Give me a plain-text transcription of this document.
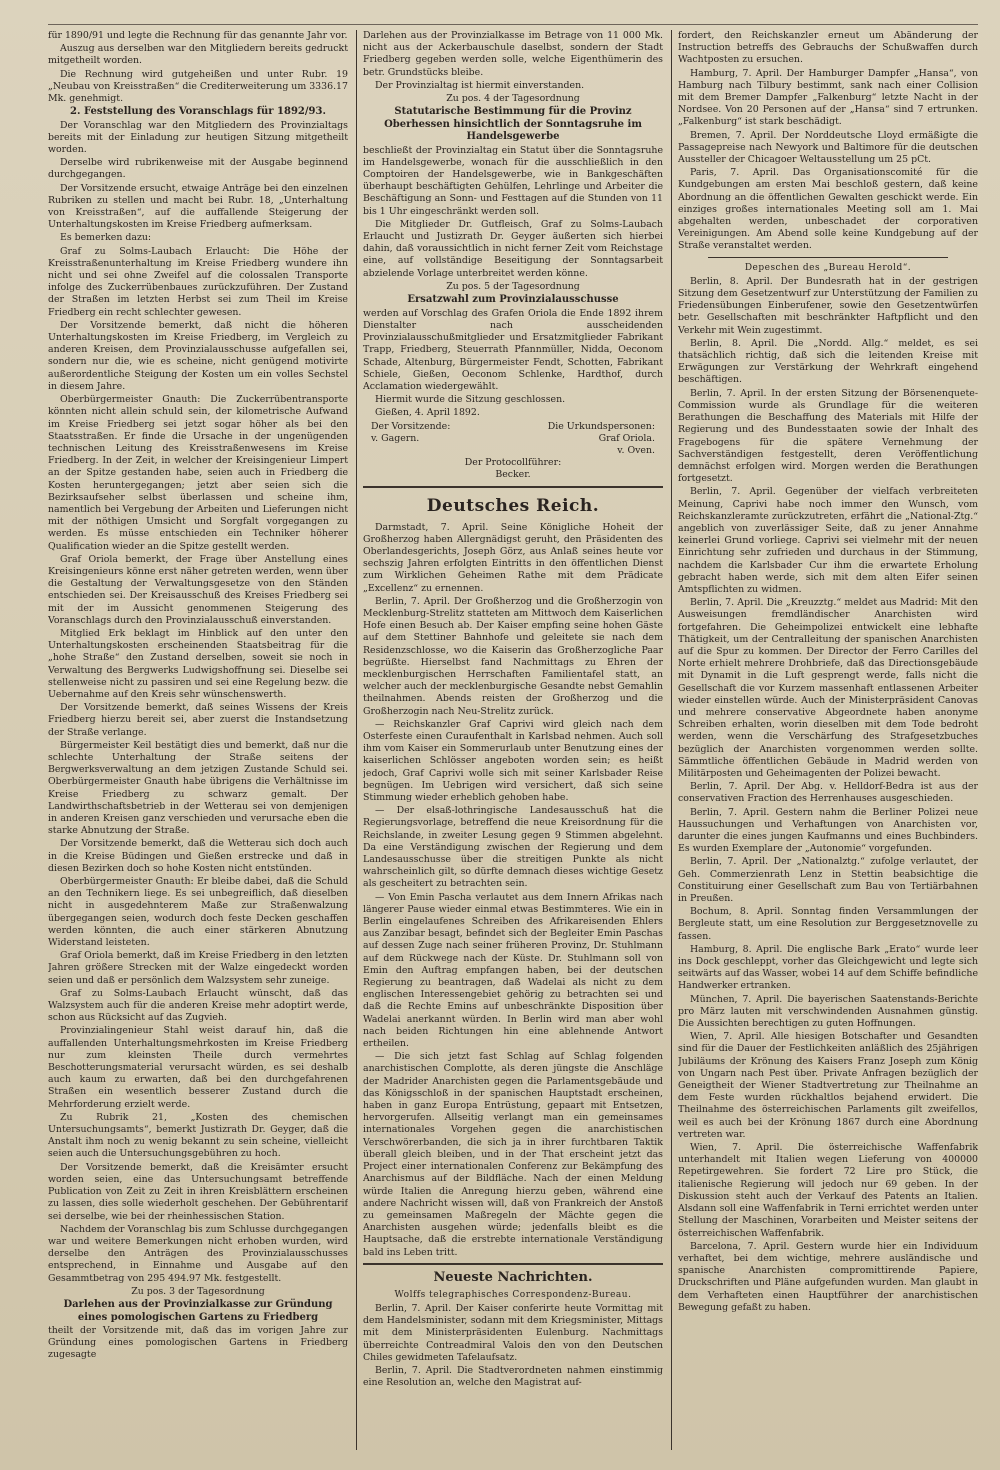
für 1890/91 und legte die Rechnung für das genannte Jahr vor.

Auszug aus derselben war den Mitgliedern bereits gedruckt mitgetheilt worden.

Die Rechnung wird gutgeheißen und unter Rubr. 19 „Neubau von Kreisstraßen“ die Crediterweiterung um 3336.17 Mk. genehmigt.

2. Feststellung des Voranschlags für 1892/93.

Der Voranschlag war den Mitgliedern des Provinzialtags bereits mit der Einladung zur heutigen Sitzung mitgetheilt worden.

Derselbe wird rubrikenweise mit der Ausgabe beginnend durchgegangen.

Der Vorsitzende ersucht, etwaige Anträge bei den einzelnen Rubriken zu stellen und macht bei Rubr. 18, „Unterhaltung von Kreisstraßen“, auf die auffallende Steigerung der Unterhaltungskosten im Kreise Friedberg aufmerksam.

Es bemerken dazu:

Graf zu Solms-Laubach Erlaucht: Die Höhe der Kreisstraßenunterhaltung im Kreise Friedberg wundere ihn nicht und sei ohne Zweifel auf die colossalen Transporte infolge des Zuckerrübenbaues zurückzuführen. Der Zustand der Straßen im letzten Herbst sei zum Theil im Kreise Friedberg ein recht schlechter gewesen.

Der Vorsitzende bemerkt, daß nicht die höheren Unterhaltungskosten im Kreise Friedberg, im Vergleich zu anderen Kreisen, dem Provinzialausschusse aufgefallen sei, sondern nur die, wie es scheine, nicht genügend motivirte außerordentliche Steigung der Kosten um ein volles Sechstel in diesem Jahre.

Oberbürgermeister Gnauth: Die Zuckerrübentransporte könnten nicht allein schuld sein, der kilometrische Aufwand im Kreise Friedberg sei jetzt sogar höher als bei den Staatsstraßen. Er finde die Ursache in der ungenügenden technischen Leitung des Kreisstraßenwesens im Kreise Friedberg. In der Zeit, in welcher der Kreisingenieur Limpert an der Spitze gestanden habe, seien auch in Friedberg die Kosten heruntergegangen; jetzt aber seien sich die Bezirksaufseher selbst überlassen und scheine ihm, namentlich bei Vergebung der Arbeiten und Lieferungen nicht mit der nöthigen Umsicht und Sorgfalt vorgegangen zu werden. Es müsse entschieden ein Techniker höherer Qualification wieder an die Spitze gestellt werden.

Graf Oriola bemerkt, der Frage über Anstellung eines Kreisingenieurs könne erst näher getreten werden, wenn über die Gestaltung der Verwaltungsgesetze von den Ständen entschieden sei. Der Kreisausschuß des Kreises Friedberg sei mit der im Aussicht genommenen Steigerung des Voranschlags durch den Provinzialausschuß einverstanden.

Mitglied Erk beklagt im Hinblick auf den unter den Unterhaltungskosten erscheinenden Staatsbeitrag für die „hohe Straße“ den Zustand derselben, soweit sie noch in Verwaltung des Bergwerks Ludwigshoffnung sei. Dieselbe sei stellenweise nicht zu passiren und sei eine Regelung bezw. die Uebernahme auf den Kreis sehr wünschenswerth.

Der Vorsitzende bemerkt, daß seines Wissens der Kreis Friedberg hierzu bereit sei, aber zuerst die Instandsetzung der Straße verlange.

Bürgermeister Keil bestätigt dies und bemerkt, daß nur die schlechte Unterhaltung der Straße seitens der Bergwerksverwaltung an dem jetzigen Zustande Schuld sei. Oberbürgermeister Gnauth habe übrigens die Verhältnisse im Kreise Friedberg zu schwarz gemalt. Der Landwirthschaftsbetrieb in der Wetterau sei von demjenigen in anderen Kreisen ganz verschieden und verursache eben die starke Abnutzung der Straße.

Der Vorsitzende bemerkt, daß die Wetterau sich doch auch in die Kreise Büdingen und Gießen erstrecke und daß in diesen Bezirken doch so hohe Kosten nicht entstünden.

Oberbürgermeister Gnauth: Er bleibe dabei, daß die Schuld an den Technikern liege. Es sei unbegreiflich, daß dieselben nicht in ausgedehnterem Maße zur Straßenwalzung übergegangen seien, wodurch doch feste Decken geschaffen werden könnten, die auch einer stärkeren Abnutzung Widerstand leisteten.

Graf Oriola bemerkt, daß im Kreise Friedberg in den letzten Jahren größere Strecken mit der Walze eingedeckt worden seien und daß er persönlich dem Walzsystem sehr zuneige.

Graf zu Solms-Laubach Erlaucht wünscht, daß das Walzsystem auch für die anderen Kreise mehr adoptirt werde, schon aus Rücksicht auf das Zugvieh.

Provinzialingenieur Stahl weist darauf hin, daß die auffallenden Unterhaltungsmehrkosten im Kreise Friedberg nur zum kleinsten Theile durch vermehrtes Beschotterungsmaterial verursacht würden, es sei deshalb auch kaum zu erwarten, daß bei den durchgefahrenen Straßen ein wesentlich besserer Zustand durch die Mehrforderung erzielt werde.

Zu Rubrik 21, „Kosten des chemischen Untersuchungsamts“, bemerkt Justizrath Dr. Geyger, daß die Anstalt ihm noch zu wenig bekannt zu sein scheine, vielleicht seien auch die Untersuchungsgebühren zu hoch.

Der Vorsitzende bemerkt, daß die Kreisämter ersucht worden seien, eine das Untersuchungsamt betreffende Publication von Zeit zu Zeit in ihren Kreisblättern erscheinen zu lassen, dies solle wiederholt geschehen. Der Gebührentarif sei derselbe, wie bei der rheinhessischen Station.

Nachdem der Voranschlag bis zum Schlusse durchgegangen war und weitere Bemerkungen nicht erhoben wurden, wird derselbe den Anträgen des Provinzialausschusses entsprechend, in Einnahme und Ausgabe auf den Gesammtbetrag von 295 494.97 Mk. festgestellt.

Zu pos. 3 der Tagesordnung
Darlehen aus der Provinzialkasse zur Gründung eines pomologischen Gartens zu Friedberg

theilt der Vorsitzende mit, daß das im vorigen Jahre zur Gründung eines pomologischen Gartens in Friedberg zugesagte

Darlehen aus der Provinzialkasse im Betrage von 11 000 Mk. nicht aus der Ackerbauschule daselbst, sondern der Stadt Friedberg gegeben werden solle, welche Eigenthümerin des betr. Grundstücks bleibe.

Der Provinzialtag ist hiermit einverstanden.

Zu pos. 4 der Tagesordnung
Statutarische Bestimmung für die Provinz Oberhessen hinsichtlich der Sonntagsruhe im Handelsgewerbe

beschließt der Provinzialtag ein Statut über die Sonntagsruhe im Handelsgewerbe, wonach für die ausschließlich in den Comptoiren der Handelsgewerbe, wie in Bankgeschäften überhaupt beschäftigten Gehülfen, Lehrlinge und Arbeiter die Beschäftigung an Sonn- und Festtagen auf die Stunden von 11 bis 1 Uhr eingeschränkt werden soll.

Die Mitglieder Dr. Gutfleisch, Graf zu Solms-Laubach Erlaucht und Justizrath Dr. Geyger äußerten sich hierbei dahin, daß voraussichtlich in nicht ferner Zeit vom Reichstage eine, auf vollständige Beseitigung der Sonntagsarbeit abzielende Vorlage unterbreitet werden könne.

Zu pos. 5 der Tagesordnung
Ersatzwahl zum Provinzialausschusse

werden auf Vorschlag des Grafen Oriola die Ende 1892 ihrem Dienstalter nach ausscheidenden Provinzialausschußmitglieder und Ersatzmitglieder Fabrikant Trapp, Friedberg, Steuerrath Pfannmüller, Nidda, Oeconom Schade, Altenburg, Bürgermeister Fendt, Schotten, Fabrikant Schiele, Gießen, Oeconom Schlenke, Hardthof, durch Acclamation wiedergewählt.

Hiermit wurde die Sitzung geschlossen.

Gießen, 4. April 1892.

Der Vorsitzende:	Die Urkundspersonen:
v. Gagern.	Graf Oriola.
v. Oven.
Der Protocollführer:
Becker.
Deutsches Reich.

Darmstadt, 7. April. Seine Königliche Hoheit der Großherzog haben Allergnädigst geruht, den Präsidenten des Oberlandesgerichts, Joseph Görz, aus Anlaß seines heute vor sechszig Jahren erfolgten Eintritts in den öffentlichen Dienst zum Wirklichen Geheimen Rathe mit dem Prädicate „Excellenz“ zu ernennen.

Berlin, 7. April. Der Großherzog und die Großherzogin von Mecklenburg-Strelitz statteten am Mittwoch dem Kaiserlichen Hofe einen Besuch ab. Der Kaiser empfing seine hohen Gäste auf dem Stettiner Bahnhofe und geleitete sie nach dem Residenzschlosse, wo die Kaiserin das Großherzogliche Paar begrüßte. Hierselbst fand Nachmittags zu Ehren der mecklenburgischen Herrschaften Familientafel statt, an welcher auch der mecklenburgische Gesandte nebst Gemahlin theilnahmen. Abends reisten der Großherzog und die Großherzogin nach Neu-Strelitz zurück.

— Reichskanzler Graf Caprivi wird gleich nach dem Osterfeste einen Curaufenthalt in Karlsbad nehmen. Auch soll ihm vom Kaiser ein Sommerurlaub unter Benutzung eines der kaiserlichen Schlösser angeboten worden sein; es heißt jedoch, Graf Caprivi wolle sich mit seiner Karlsbader Reise begnügen. Im Uebrigen wird versichert, daß sich seine Stimmung wieder erheblich gehoben habe.

— Der elsaß-lothringische Landesausschuß hat die Regierungsvorlage, betreffend die neue Kreisordnung für die Reichslande, in zweiter Lesung gegen 9 Stimmen abgelehnt. Da eine Verständigung zwischen der Regierung und dem Landesausschusse über die streitigen Punkte als nicht wahrscheinlich gilt, so dürfte demnach dieses wichtige Gesetz als gescheitert zu betrachten sein.

— Von Emin Pascha verlautet aus dem Innern Afrikas nach längerer Pause wieder einmal etwas Bestimmteres. Wie ein in Berlin eingelaufenes Schreiben des Afrikareisenden Ehlers aus Zanzibar besagt, befindet sich der Begleiter Emin Paschas auf dessen Zuge nach seiner früheren Provinz, Dr. Stuhlmann auf dem Rückwege nach der Küste. Dr. Stuhlmann soll von Emin den Auftrag empfangen haben, bei der deutschen Regierung zu beantragen, daß Wadelai als nicht zu dem englischen Interessengebiet gehörig zu betrachten sei und daß die Rechte Emins auf unbeschränkte Disposition über Wadelai anerkannt würden. In Berlin wird man aber wohl nach beiden Richtungen hin eine ablehnende Antwort ertheilen.

— Die sich jetzt fast Schlag auf Schlag folgenden anarchistischen Complotte, als deren jüngste die Anschläge der Madrider Anarchisten gegen die Parlamentsgebäude und das Königsschloß in der spanischen Hauptstadt erscheinen, haben in ganz Europa Entrüstung, gepaart mit Entsetzen, hervorgerufen. Allseitig verlangt man ein gemeinsames internationales Vorgehen gegen die anarchistischen Verschwörerbanden, die sich ja in ihrer furchtbaren Taktik überall gleich bleiben, und in der That erscheint jetzt das Project einer internationalen Conferenz zur Bekämpfung des Anarchismus auf der Bildfläche. Nach der einen Meldung würde Italien die Anregung hierzu geben, während eine andere Nachricht wissen will, daß von Frankreich der Anstoß zu gemeinsamen Maßregeln der Mächte gegen die Anarchisten ausgehen würde; jedenfalls bleibt es die Hauptsache, daß die erstrebte internationale Verständigung bald ins Leben tritt.

Neueste Nachrichten.
Wolffs telegraphisches Correspondenz-Bureau.

Berlin, 7. April. Der Kaiser conferirte heute Vormittag mit dem Handelsminister, sodann mit dem Kriegsminister, Mittags mit dem Ministerpräsidenten Eulenburg. Nachmittags überreichte Contreadmiral Valois den von den Deutschen Chiles gewidmeten Tafelaufsatz.

Berlin, 7. April. Die Stadtverordneten nahmen einstimmig eine Resolution an, welche den Magistrat auf-

fordert, den Reichskanzler erneut um Abänderung der Instruction betreffs des Gebrauchs der Schußwaffen durch Wachtposten zu ersuchen.

Hamburg, 7. April. Der Hamburger Dampfer „Hansa“, von Hamburg nach Tilbury bestimmt, sank nach einer Collision mit dem Bremer Dampfer „Falkenburg“ letzte Nacht in der Nordsee. Von 20 Personen auf der „Hansa“ sind 7 ertrunken. „Falkenburg“ ist stark beschädigt.

Bremen, 7. April. Der Norddeutsche Lloyd ermäßigte die Passagepreise nach Newyork und Baltimore für die deutschen Aussteller der Chicagoer Weltausstellung um 25 pCt.

Paris, 7. April. Das Organisationscomité für die Kundgebungen am ersten Mai beschloß gestern, daß keine Abordnung an die öffentlichen Gewalten geschickt werde. Ein einziges großes internationales Meeting soll am 1. Mai abgehalten werden, unbeschadet der corporativen Vereinigungen. Am Abend solle keine Kundgebung auf der Straße veranstaltet werden.

Depeschen des „Bureau Herold“.

Berlin, 8. April. Der Bundesrath hat in der gestrigen Sitzung dem Gesetzentwurf zur Unterstützung der Familien zu Friedensübungen Einberufener, sowie den Gesetzentwürfen betr. Gesellschaften mit beschränkter Haftpflicht und den Verkehr mit Wein zugestimmt.

Berlin, 8. April. Die „Nordd. Allg.“ meldet, es sei thatsächlich richtig, daß sich die leitenden Kreise mit Erwägungen zur Verstärkung der Wehrkraft eingehend beschäftigen.

Berlin, 7. April. In der ersten Sitzung der Börsenenquete-Commission wurde als Grundlage für die weiteren Berathungen die Beschaffung des Materials mit Hilfe der Regierung und des Bundesstaaten sowie der Inhalt des Fragebogens für die spätere Vernehmung der Sachverständigen festgestellt, deren Veröffentlichung demnächst erfolgen wird. Morgen werden die Berathungen fortgesetzt.

Berlin, 7. April. Gegenüber der vielfach verbreiteten Meinung, Caprivi habe noch immer den Wunsch, vom Reichskanzleramte zurückzutreten, erfährt die „National-Ztg.“ angeblich von zuverlässiger Seite, daß zu jener Annahme keinerlei Grund vorliege. Caprivi sei vielmehr mit der neuen Einrichtung sehr zufrieden und durchaus in der Stimmung, nachdem die Karlsbader Cur ihm die erwartete Erholung gebracht haben werde, sich mit dem alten Eifer seinen Amtspflichten zu widmen.

Berlin, 7. April. Die „Kreuzztg.“ meldet aus Madrid: Mit den Ausweisungen fremdländischer Anarchisten wird fortgefahren. Die Geheimpolizei entwickelt eine lebhafte Thätigkeit, um der Centralleitung der spanischen Anarchisten auf die Spur zu kommen. Der Director der Ferro Carilles del Norte erhielt mehrere Drohbriefe, daß das Directionsgebäude mit Dynamit in die Luft gesprengt werde, falls nicht die Gesellschaft die vor Kurzem massenhaft entlassenen Arbeiter wieder einstellen würde. Auch der Ministerpräsident Canovas und mehrere conservative Abgeordnete haben anonyme Schreiben erhalten, worin dieselben mit dem Tode bedroht werden, wenn die Verschärfung des Strafgesetzbuches bezüglich der Anarchisten vorgenommen werden sollte. Sämmtliche öffentlichen Gebäude in Madrid werden von Militärposten und Geheimagenten der Polizei bewacht.

Berlin, 7. April. Der Abg. v. Helldorf-Bedra ist aus der conservativen Fraction des Herrenhauses ausgeschieden.

Berlin, 7. April. Gestern nahm die Berliner Polizei neue Haussuchungen und Verhaftungen von Anarchisten vor, darunter die eines jungen Kaufmanns und eines Buchbinders. Es wurden Exemplare der „Autonomie“ vorgefunden.

Berlin, 7. April. Der „Nationalztg.“ zufolge verlautet, der Geh. Commerzienrath Lenz in Stettin beabsichtige die Constituirung einer Gesellschaft zum Bau von Tertiärbahnen in Preußen.

Bochum, 8. April. Sonntag finden Versammlungen der Bergleute statt, um eine Resolution zur Berggesetznovelle zu fassen.

Hamburg, 8. April. Die englische Bark „Erato“ wurde leer ins Dock geschleppt, vorher das Gleichgewicht und legte sich seitwärts auf das Wasser, wobei 14 auf dem Schiffe befindliche Handwerker ertranken.

München, 7. April. Die bayerischen Saatenstands-Berichte pro März lauten mit verschwindenden Ausnahmen günstig. Die Aussichten berechtigen zu guten Hoffnungen.

Wien, 7. April. Alle hiesigen Botschafter und Gesandten sind für die Dauer der Festlichkeiten anläßlich des 25jährigen Jubiläums der Krönung des Kaisers Franz Joseph zum König von Ungarn nach Pest über. Private Anfragen bezüglich der Geneigtheit der Wiener Stadtvertretung zur Theilnahme an dem Feste wurden rückhaltlos bejahend erwidert. Die Theilnahme des österreichischen Parlaments gilt zweifellos, weil es auch bei der Krönung 1867 durch eine Abordnung vertreten war.

Wien, 7. April. Die österreichische Waffenfabrik unterhandelt mit Italien wegen Lieferung von 400000 Repetirgewehren. Sie fordert 72 Lire pro Stück, die italienische Regierung will jedoch nur 69 geben. In der Diskussion steht auch der Verkauf des Patents an Italien. Alsdann soll eine Waffenfabrik in Terni errichtet werden unter Stellung der Maschinen, Vorarbeiten und Meister seitens der österreichischen Waffenfabrik.

Barcelona, 7. April. Gestern wurde hier ein Individuum verhaftet, bei dem wichtige, mehrere ausländische und spanische Anarchisten compromittirende Papiere, Druckschriften und Pläne aufgefunden wurden. Man glaubt in dem Verhafteten einen Hauptführer der anarchistischen Bewegung gefaßt zu haben.
